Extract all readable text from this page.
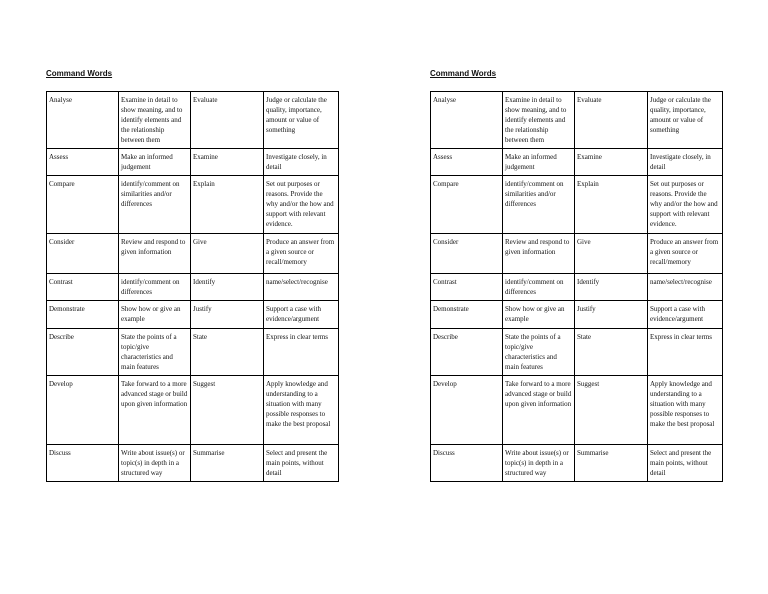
Command Words
Analyse	Examine in detail to show meaning, and to identify elements and the relationship between them	Evaluate	Judge or calculate the quality, importance, amount or value of something
Assess	Make an informed judgement	Examine	Investigate closely, in detail
Compare	identify/comment on similarities and/or differences	Explain	Set out purposes or reasons. Provide the why and/or the how and support with relevant evidence.
Consider	Review and respond to given information	Give	Produce an answer from a given source or recall/memory
Contrast	identify/comment on differences	Identify	name/select/recognise
Demonstrate	Show how or give an example	Justify	Support a case with evidence/argument
Describe	State the points of a topic/give characteristics and main features	State	Express in clear terms
Develop	Take forward to a more advanced stage or build upon given information	Suggest	Apply knowledge and understanding to a situation with many possible responses to make the best proposal
Discuss	Write about issue(s) or topic(s) in depth in a structured way	Summarise	Select and present the main points, without detail
Command Words
Analyse	Examine in detail to show meaning, and to identify elements and the relationship between them	Evaluate	Judge or calculate the quality, importance, amount or value of something
Assess	Make an informed judgement	Examine	Investigate closely, in detail
Compare	identify/comment on similarities and/or differences	Explain	Set out purposes or reasons. Provide the why and/or the how and support with relevant evidence.
Consider	Review and respond to given information	Give	Produce an answer from a given source or recall/memory
Contrast	identify/comment on differences	Identify	name/select/recognise
Demonstrate	Show how or give an example	Justify	Support a case with evidence/argument
Describe	State the points of a topic/give characteristics and main features	State	Express in clear terms
Develop	Take forward to a more advanced stage or build upon given information	Suggest	Apply knowledge and understanding to a situation with many possible responses to make the best proposal
Discuss	Write about issue(s) or topic(s) in depth in a structured way	Summarise	Select and present the main points, without detail
